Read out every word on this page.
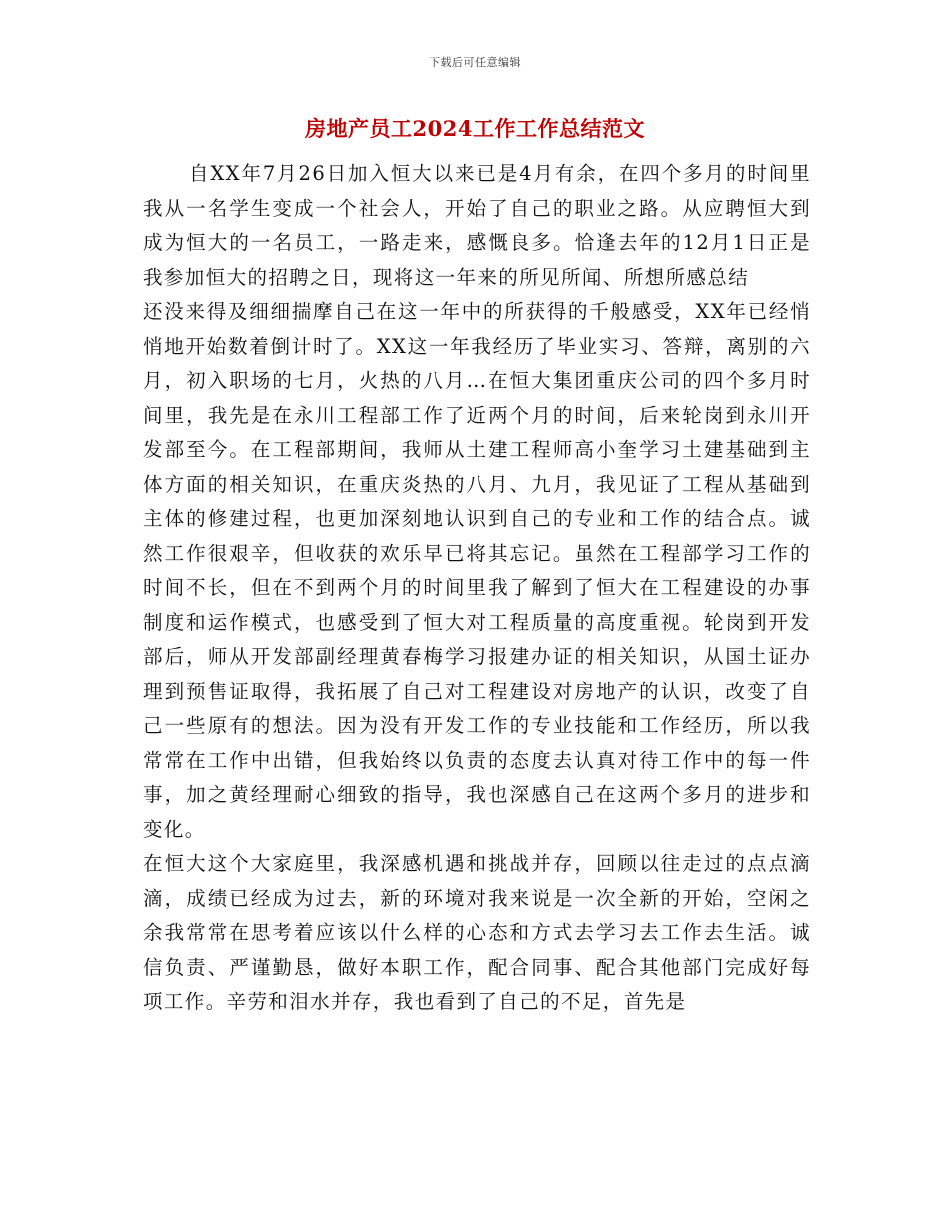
下载后可任意编辑
房地产员工2024工作工作总结范文

自XX年7月26日加入恒大以来已是4月有余，在四个多月的时间里我从一名学生变成一个社会人，开始了自己的职业之路。从应聘恒大到成为恒大的一名员工，一路走来，感慨良多。恰逢去年的12月1日正是我参加恒大的招聘之日，现将这一年来的所见所闻、所想所感总结

还没来得及细细揣摩自己在这一年中的所获得的千般感受，XX年已经悄悄地开始数着倒计时了。XX这一年我经历了毕业实习、答辩，离别的六月，初入职场的七月，火热的八月…在恒大集团重庆公司的四个多月时间里，我先是在永川工程部工作了近两个月的时间，后来轮岗到永川开发部至今。在工程部期间，我师从土建工程师高小奎学习土建基础到主体方面的相关知识，在重庆炎热的八月、九月，我见证了工程从基础到主体的修建过程，也更加深刻地认识到自己的专业和工作的结合点。诚然工作很艰辛，但收获的欢乐早已将其忘记。虽然在工程部学习工作的时间不长，但在不到两个月的时间里我了解到了恒大在工程建设的办事制度和运作模式，也感受到了恒大对工程质量的高度重视。轮岗到开发部后，师从开发部副经理黄春梅学习报建办证的相关知识，从国土证办理到预售证取得，我拓展了自己对工程建设对房地产的认识，改变了自己一些原有的想法。因为没有开发工作的专业技能和工作经历，所以我常常在工作中出错，但我始终以负责的态度去认真对待工作中的每一件事，加之黄经理耐心细致的指导，我也深感自己在这两个多月的进步和变化。

在恒大这个大家庭里，我深感机遇和挑战并存，回顾以往走过的点点滴滴，成绩已经成为过去，新的环境对我来说是一次全新的开始，空闲之余我常常在思考着应该以什么样的心态和方式去学习去工作去生活。诚信负责、严谨勤恳，做好本职工作，配合同事、配合其他部门完成好每项工作。辛劳和泪水并存，我也看到了自己的不足，首先是
